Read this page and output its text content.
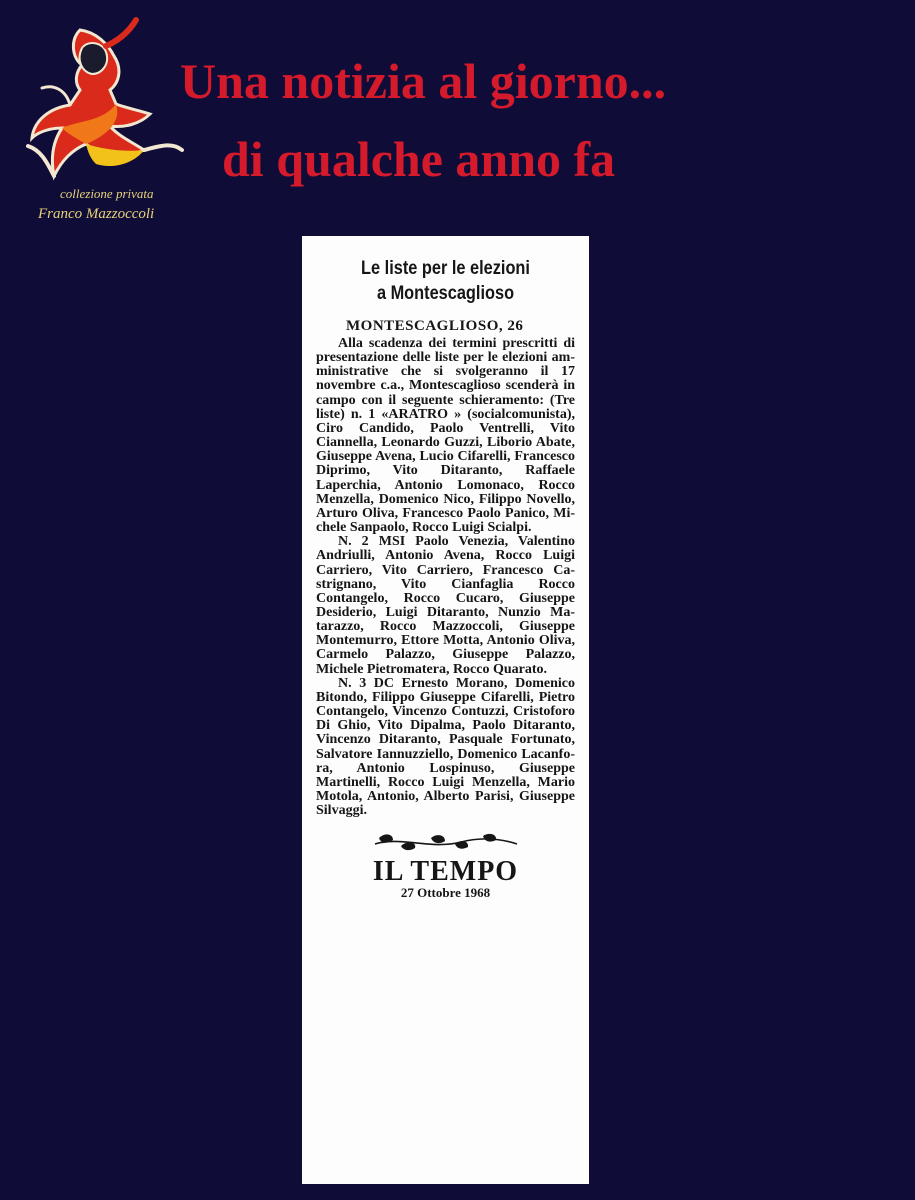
collezione privata
Franco Mazzoccoli
Una notizia al giorno...
di qualche anno fa
Le liste per le elezioni
a Montescaglioso
MONTESCAGLIOSO, 26

Alla scadenza dei termini prescritti di presentazione delle liste per le elezioni amministrative che si svolgeranno il 17 novembre c.a., Montescaglioso scenderà in campo con il seguente schieramento: (Tre liste) n. 1 «ARATRO » (socialcomunista), Ciro Candido, Paolo Ventrelli, Vito Ciannella, Leonardo Guzzi, Liborio Abate, Giuseppe Avena, Lucio Cifarelli, Francesco Diprimo, Vito Ditaranto, Raffaele Laperchia, Antonio Lomonaco, Rocco Menzella, Domenico Nico, Filippo Novello, Arturo Oliva, Francesco Paolo Panico, Michele Sanpaolo, Rocco Luigi Scialpi.

N. 2 MSI Paolo Venezia, Valentino Andriulli, Antonio Avena, Rocco Luigi Carriero, Vito Carriero, Francesco Castrignano, Vito Cianfaglia Rocco Contangelo, Rocco Cucaro, Giuseppe Desiderio, Luigi Ditaranto, Nunzio Matarazzo, Rocco Mazzoccoli, Giuseppe Montemurro, Ettore Motta, Antonio Oliva, Carmelo Palazzo, Giuseppe Palazzo, Michele Pietromatera, Rocco Quarato.

N. 3 DC Ernesto Morano, Domenico Bitondo, Filippo Giuseppe Cifarelli, Pietro Contangelo, Vincenzo Contuzzi, Cristoforo Di Ghio, Vito Dipalma, Paolo Ditaranto, Vincenzo Ditaranto, Pasquale Fortunato, Salvatore Iannuzziello, Domenico Lacanfora, Antonio Lospinuso, Giuseppe Martinelli, Rocco Luigi Menzella, Mario Motola, Antonio, Alberto Parisi, Giuseppe Silvaggi.

IL TEMPO
27 Ottobre 1968
